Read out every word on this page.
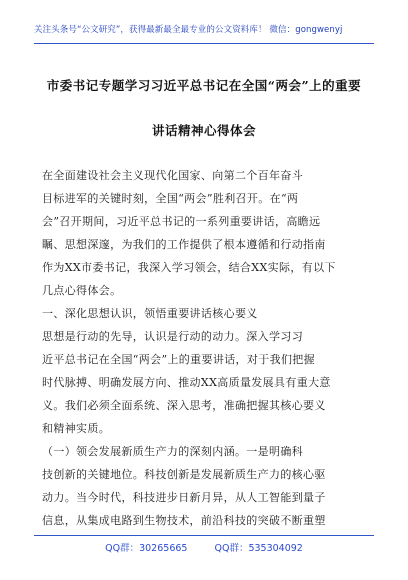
关注头条号“公文研究”，获得最新最全最专业的公文资料库！ 微信：gongwenyj
市委书记专题学习习近平总书记在全国“两会”上的重要
讲话精神心得体会
在全面建设社会主义现代化国家、向第二个百年奋斗
目标进军的关键时刻，全国“两会”胜利召开。在“两
会”召开期间，习近平总书记的一系列重要讲话，高瞻远
瞩、思想深邃，为我们的工作提供了根本遵循和行动指南
作为XX市委书记，我深入学习领会，结合XX实际，有以下
几点心得体会。
一、深化思想认识，领悟重要讲话核心要义
思想是行动的先导，认识是行动的动力。深入学习习
近平总书记在全国“两会”上的重要讲话，对于我们把握
时代脉搏、明确发展方向、推动XX高质量发展具有重大意
义。我们必须全面系统、深入思考，准确把握其核心要义
和精神实质。
（一）领会发展新质生产力的深刻内涵。一是明确科
技创新的关键地位。科技创新是发展新质生产力的核心驱
动力。当今时代，科技进步日新月异，从人工智能到量子
信息，从集成电路到生物技术，前沿科技的突破不断重塑
QQ群：30265665	QQ群：535304092
